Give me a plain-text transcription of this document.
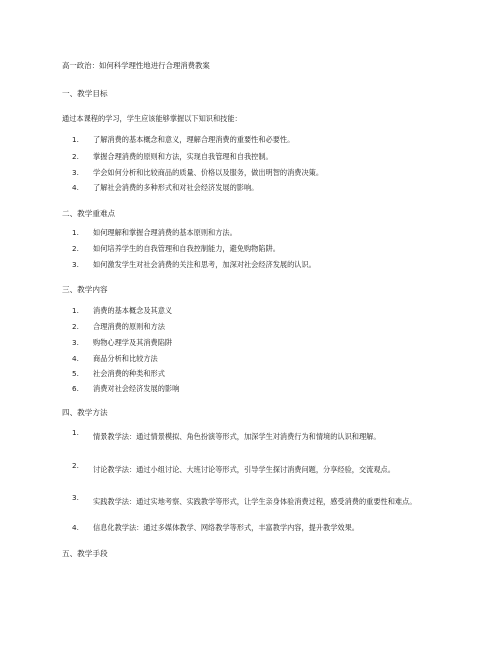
高一政治：如何科学理性地进行合理消费教案
一、教学目标
通过本课程的学习，学生应该能够掌握以下知识和技能：
1.	了解消费的基本概念和意义，理解合理消费的重要性和必要性。
2.	掌握合理消费的原则和方法，实现自我管理和自我控制。
3.	学会如何分析和比较商品的质量、价格以及服务，做出明智的消费决策。
4.	了解社会消费的多种形式和对社会经济发展的影响。
二、教学重难点
1.	如何理解和掌握合理消费的基本原则和方法。
2.	如何培养学生的自我管理和自我控制能力，避免购物陷阱。
3.	如何激发学生对社会消费的关注和思考，加深对社会经济发展的认识。
三、教学内容
1.	消费的基本概念及其意义
2.	合理消费的原则和方法
3.	购物心理学及其消费陷阱
4.	商品分析和比较方法
5.	社会消费的种类和形式
6.	消费对社会经济发展的影响
四、教学方法
1.	情景教学法：通过情景模拟、角色扮演等形式，加深学生对消费行为和情境的认识和理解。
2.	讨论教学法：通过小组讨论、大班讨论等形式，引导学生探讨消费问题，分享经验，交流观点。
3.	实践教学法：通过实地考察、实践教学等形式，让学生亲身体验消费过程，感受消费的重要性和难点。
4.	信息化教学法：通过多媒体教学、网络教学等形式，丰富教学内容，提升教学效果。
五、教学手段
